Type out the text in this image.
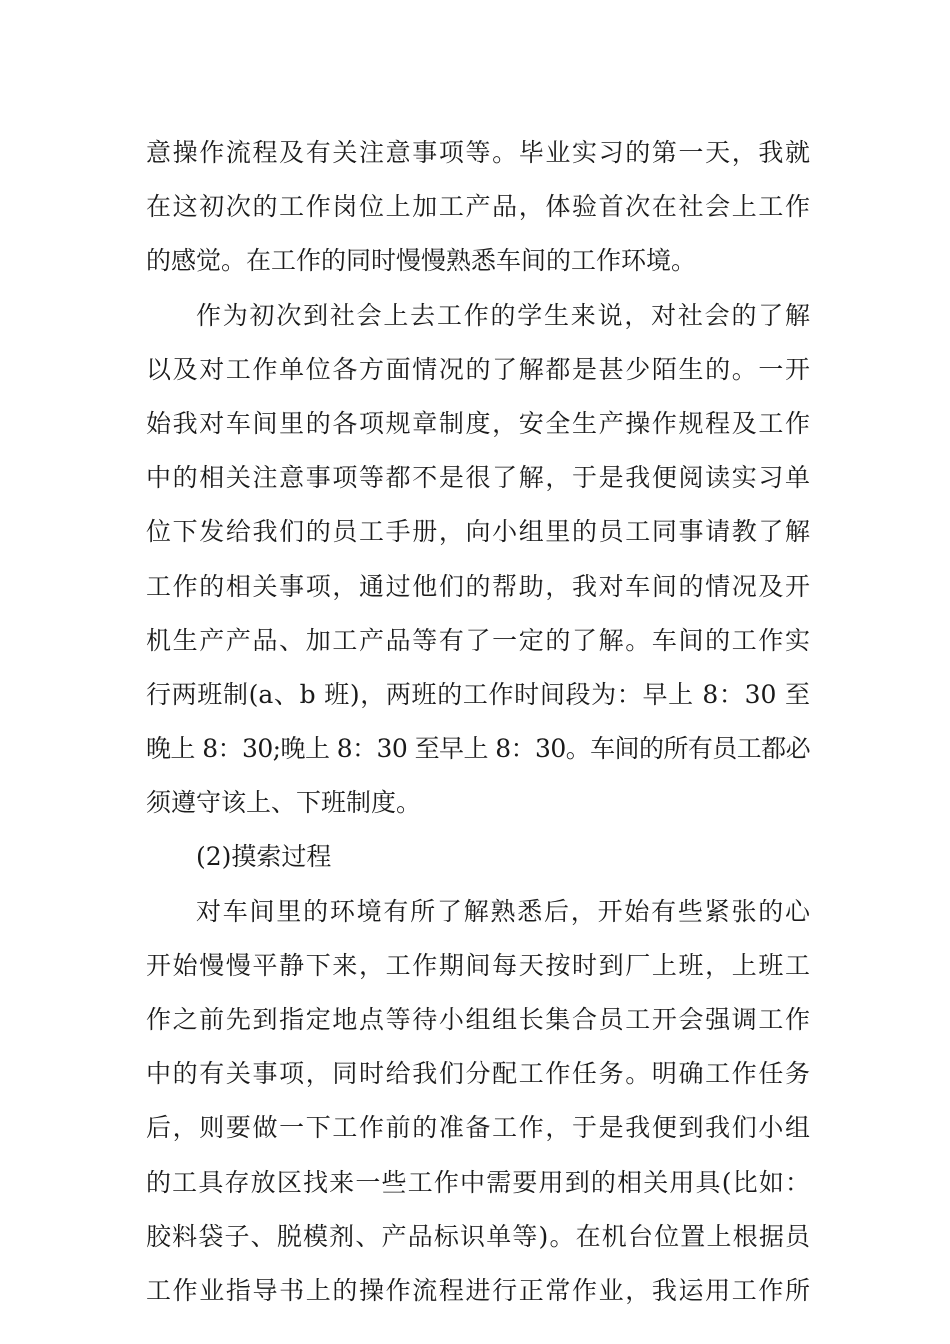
意操作流程及有关注意事项等。毕业实习的第一天，我就
在这初次的工作岗位上加工产品，体验首次在社会上工作
的感觉。在工作的同时慢慢熟悉车间的工作环境。
作为初次到社会上去工作的学生来说，对社会的了解
以及对工作单位各方面情况的了解都是甚少陌生的。一开
始我对车间里的各项规章制度，安全生产操作规程及工作
中的相关注意事项等都不是很了解，于是我便阅读实习单
位下发给我们的员工手册，向小组里的员工同事请教了解
工作的相关事项，通过他们的帮助，我对车间的情况及开
机生产产品、加工产品等有了一定的了解。车间的工作实
行两班制(a、b 班)，两班的工作时间段为：早上 8：30 至
晚上 8：30;晚上 8：30 至早上 8：30。车间的所有员工都必
须遵守该上、下班制度。
(2)摸索过程
对车间里的环境有所了解熟悉后，开始有些紧张的心
开始慢慢平静下来，工作期间每天按时到厂上班，上班工
作之前先到指定地点等待小组组长集合员工开会强调工作
中的有关事项，同时给我们分配工作任务。明确工作任务
后，则要做一下工作前的准备工作，于是我便到我们小组
的工具存放区找来一些工作中需要用到的相关用具(比如：
胶料袋子、脱模剂、产品标识单等)。在机台位置上根据员
工作业指导书上的操作流程进行正常作业，我运用工作所
